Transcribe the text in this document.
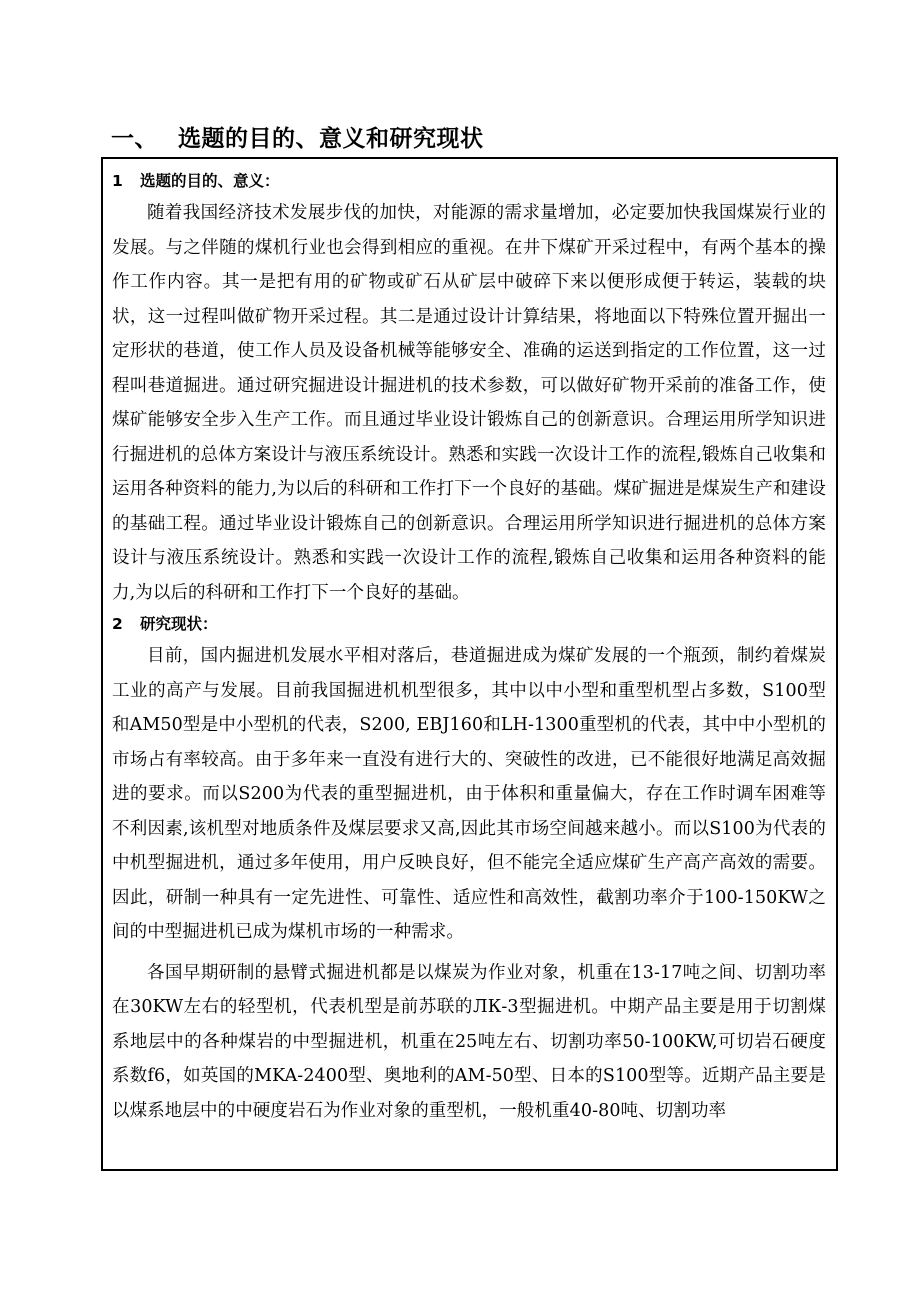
一、 选题的目的、意义和研究现状
1 选题的目的、意义：

随着我国经济技术发展步伐的加快，对能源的需求量增加，必定要加快我国煤炭行业的发展。与之伴随的煤机行业也会得到相应的重视。在井下煤矿开采过程中，有两个基本的操作工作内容。其一是把有用的矿物或矿石从矿层中破碎下来以便形成便于转运，装载的块状，这一过程叫做矿物开采过程。其二是通过设计计算结果，将地面以下特殊位置开掘出一定形状的巷道，使工作人员及设备机械等能够安全、准确的运送到指定的工作位置，这一过程叫巷道掘进。通过研究掘进设计掘进机的技术参数，可以做好矿物开采前的准备工作，使煤矿能够安全步入生产工作。而且通过毕业设计锻炼自己的创新意识。合理运用所学知识进行掘进机的总体方案设计与液压系统设计。熟悉和实践一次设计工作的流程,锻炼自己收集和运用各种资料的能力,为以后的科研和工作打下一个良好的基础。煤矿掘进是煤炭生产和建设的基础工程。通过毕业设计锻炼自己的创新意识。合理运用所学知识进行掘进机的总体方案设计与液压系统设计。熟悉和实践一次设计工作的流程,锻炼自己收集和运用各种资料的能力,为以后的科研和工作打下一个良好的基础。

2 研究现状：

目前，国内掘进机发展水平相对落后，巷道掘进成为煤矿发展的一个瓶颈，制约着煤炭工业的高产与发展。目前我国掘进机机型很多，其中以中小型和重型机型占多数，S100型和AM50型是中小型机的代表，S200, EBJ160和LH-1300重型机的代表，其中中小型机的市场占有率较高。由于多年来一直没有进行大的、突破性的改进，已不能很好地满足高效掘进的要求。而以S200为代表的重型掘进机，由于体积和重量偏大，存在工作时调车困难等不利因素,该机型对地质条件及煤层要求又高,因此其市场空间越来越小。而以S100为代表的中机型掘进机，通过多年使用，用户反映良好，但不能完全适应煤矿生产高产高效的需要。因此，研制一种具有一定先进性、可靠性、适应性和高效性，截割功率介于100-150KW之间的中型掘进机已成为煤机市场的一种需求。

各国早期研制的悬臂式掘进机都是以煤炭为作业对象，机重在13-17吨之间、切割功率在30KW左右的轻型机，代表机型是前苏联的ЛК-3型掘进机。中期产品主要是用于切割煤系地层中的各种煤岩的中型掘进机，机重在25吨左右、切割功率50-100KW,可切岩石硬度系数f6，如英国的MKA-2400型、奥地利的AM-50型、日本的S100型等。近期产品主要是以煤系地层中的中硬度岩石为作业对象的重型机，一般机重40-80吨、切割功率
